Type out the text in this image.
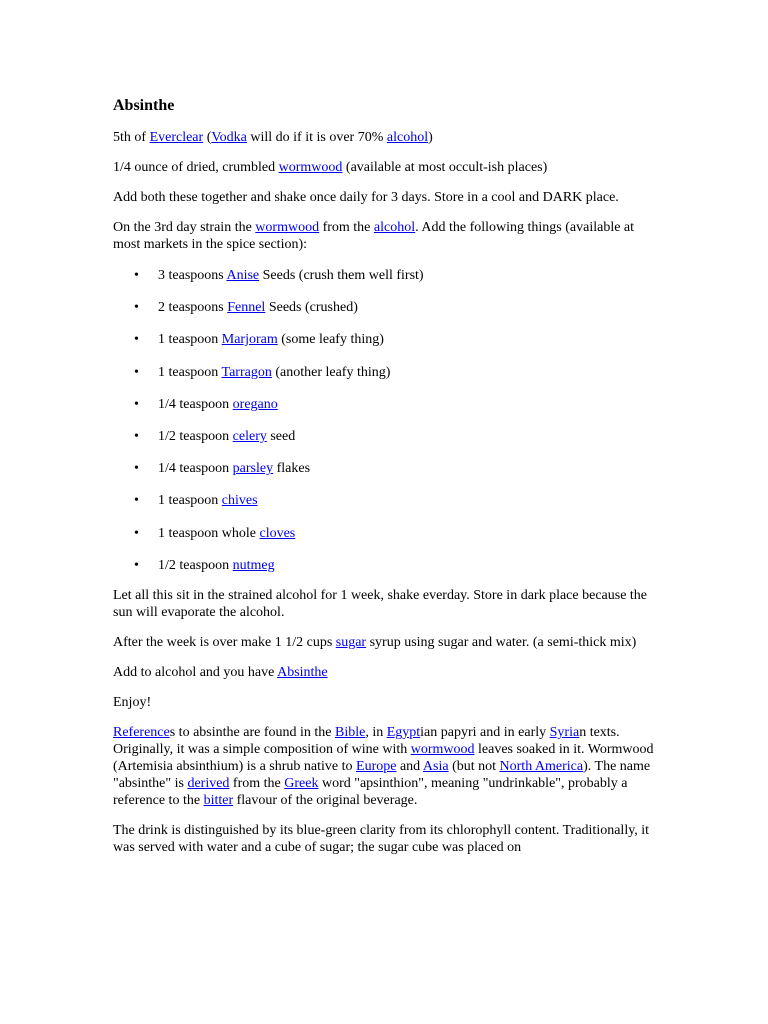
Absinthe

5th of Everclear (Vodka will do if it is over 70% alcohol)

1/4 ounce of dried, crumbled wormwood (available at most occult-ish places)

Add both these together and shake once daily for 3 days. Store in a cool and DARK place.

On the 3rd day strain the wormwood from the alcohol. Add the following things (available at most markets in the spice section):

• 3 teaspoons Anise Seeds (crush them well first)
• 2 teaspoons Fennel Seeds (crushed)
• 1 teaspoon Marjoram (some leafy thing)
• 1 teaspoon Tarragon (another leafy thing)
• 1/4 teaspoon oregano
• 1/2 teaspoon celery seed
• 1/4 teaspoon parsley flakes
• 1 teaspoon chives
• 1 teaspoon whole cloves
• 1/2 teaspoon nutmeg

Let all this sit in the strained alcohol for 1 week, shake everday. Store in dark place because the sun will evaporate the alcohol.

After the week is over make 1 1/2 cups sugar syrup using sugar and water. (a semi-thick mix)

Add to alcohol and you have Absinthe

Enjoy!

References to absinthe are found in the Bible, in Egyptian papyri and in early Syrian texts. Originally, it was a simple composition of wine with wormwood leaves soaked in it. Wormwood (Artemisia absinthium) is a shrub native to Europe and Asia (but not North America). The name "absinthe" is derived from the Greek word "apsinthion", meaning "undrinkable", probably a reference to the bitter flavour of the original beverage.

The drink is distinguished by its blue-green clarity from its chlorophyll content. Traditionally, it was served with water and a cube of sugar; the sugar cube was placed on
